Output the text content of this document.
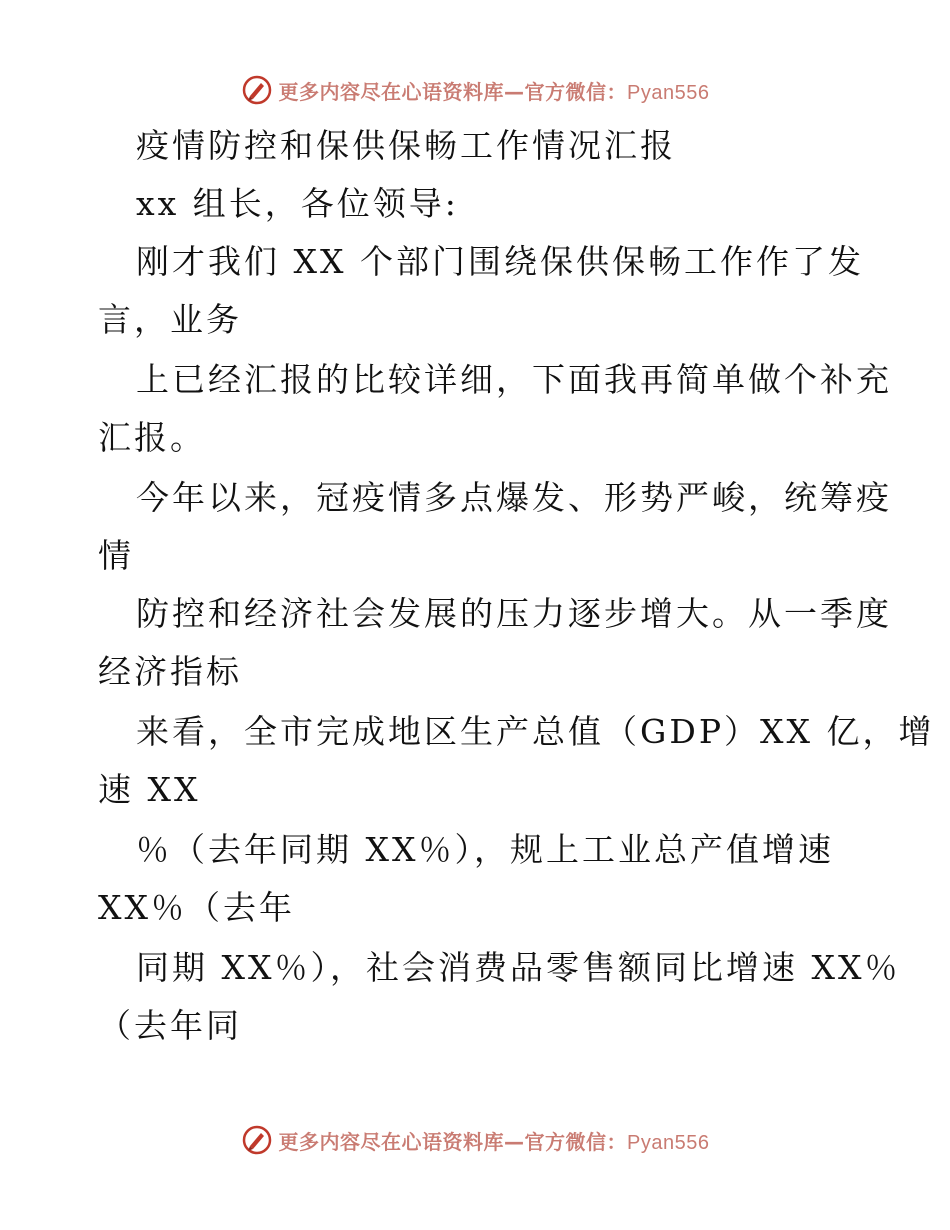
更多内容尽在心语资料库—官方微信：Pyan556
疫情防控和保供保畅工作情况汇报
xx 组长，各位领导:
刚才我们 XX 个部门围绕保供保畅工作作了发
言，业务
上已经汇报的比较详细，下面我再简单做个补充
汇报。
今年以来，冠疫情多点爆发、形势严峻，统筹疫
情
防控和经济社会发展的压力逐步增大。从一季度
经济指标
来看，全市完成地区生产总值（GDP）XX 亿，增
速 XX
％（去年同期 XX％），规上工业总产值增速
XX％（去年
同期 XX％），社会消费品零售额同比增速 XX％
（去年同
更多内容尽在心语资料库—官方微信：Pyan556
